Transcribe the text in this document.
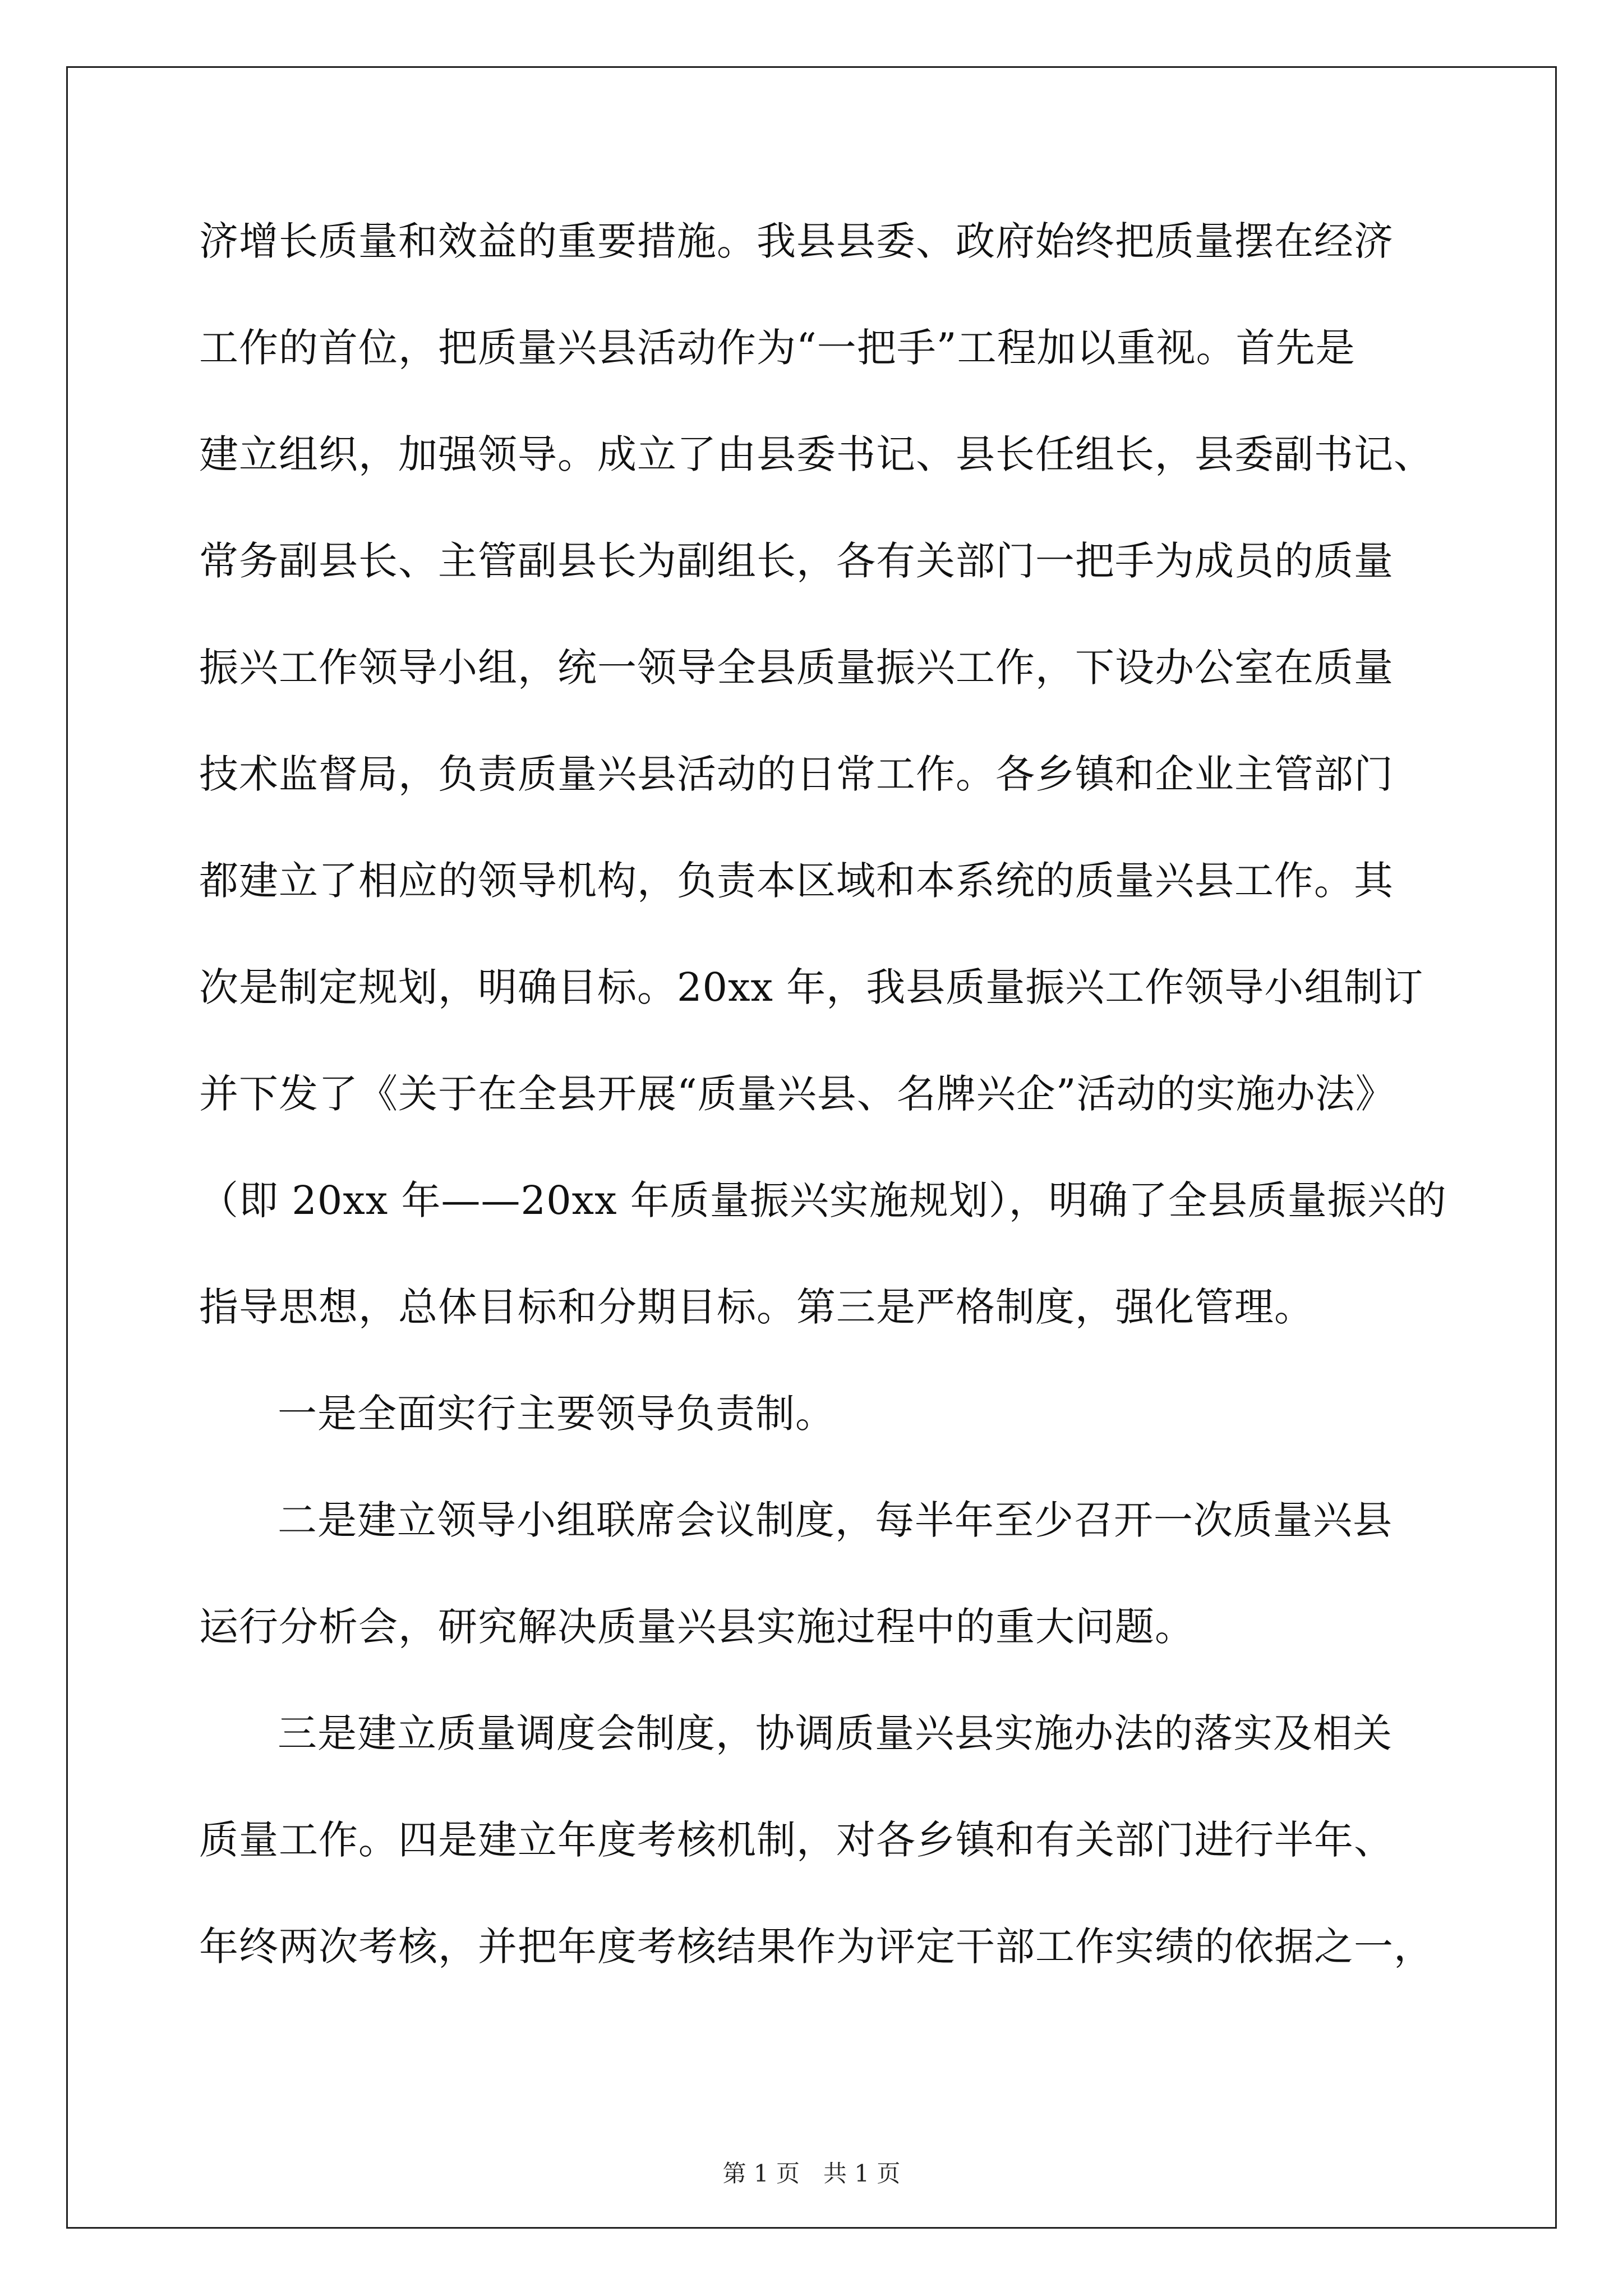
济增长质量和效益的重要措施。我县县委、政府始终把质量摆在经济
工作的首位，把质量兴县活动作为“一把手”工程加以重视。首先是
建立组织，加强领导。成立了由县委书记、县长任组长，县委副书记、
常务副县长、主管副县长为副组长，各有关部门一把手为成员的质量
振兴工作领导小组，统一领导全县质量振兴工作，下设办公室在质量
技术监督局，负责质量兴县活动的日常工作。各乡镇和企业主管部门
都建立了相应的领导机构，负责本区域和本系统的质量兴县工作。其
次是制定规划，明确目标。20xx 年，我县质量振兴工作领导小组制订
并下发了《关于在全县开展“质量兴县、名牌兴企”活动的实施办法》
（即 20xx 年——20xx 年质量振兴实施规划），明确了全县质量振兴的
指导思想，总体目标和分期目标。第三是严格制度，强化管理。
一是全面实行主要领导负责制。
二是建立领导小组联席会议制度，每半年至少召开一次质量兴县
运行分析会，研究解决质量兴县实施过程中的重大问题。
三是建立质量调度会制度，协调质量兴县实施办法的落实及相关
质量工作。四是建立年度考核机制，对各乡镇和有关部门进行半年、
年终两次考核，并把年度考核结果作为评定干部工作实绩的依据之一，
第 1 页　共 1 页
